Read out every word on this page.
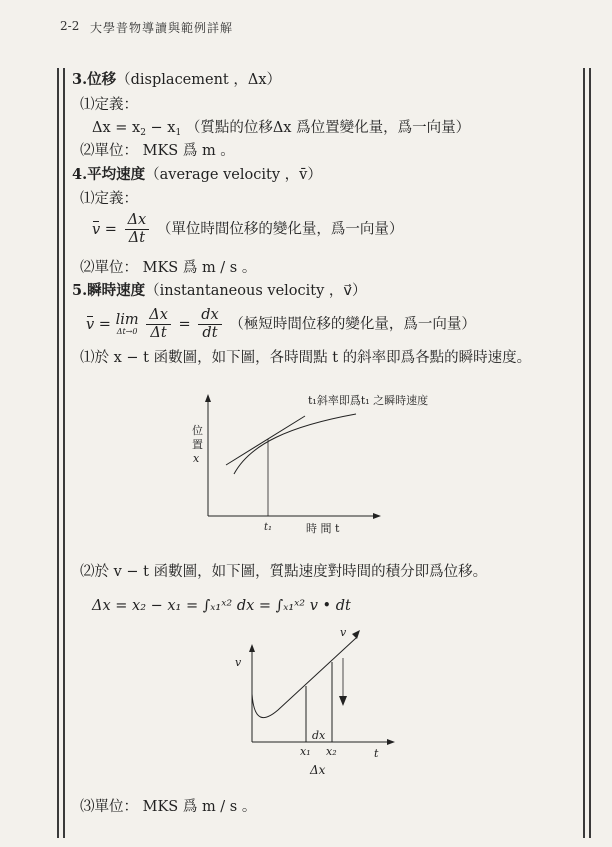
2-2 大學普物導讀與範例詳解
3.位移（displacement ，Δx）
⑴定義：
$\Delta x = x_2 - x_1$ （質點的位移Δx 爲位置變化量，爲一向量）
⑵單位： MKS 爲 m 。
4.平均速度（average velocity ，v̄）
⑴定義：
$v = \frac{\Delta x}{\Delta t}$ （單位時間位移的變化量，爲一向量）
⑵單位： MKS 爲 m / s 。
5.瞬時速度（instantaneous velocity ，v⃗）
v = lim
Δt→0
$\frac{\Delta x}{\Delta t} = \frac{dx}{dt}$ （極短時間位移的變化量，爲一向量）
⑴於 x − t 函數圖，如下圖，各時間點 t 的斜率即爲各點的瞬時速度。
t₁斜率即爲t₁ 之瞬時速度
位
置
x
t₁	時 間 t
⑵於 v − t 函數圖，如下圖，質點速度對時間的積分即爲位移。
Δx = x₂ − x₁ = ∫ₓ₁ˣ² dx = ∫ₓ₁ˣ² v • dt
v
v
dx
x₁ x₂	t
Δx
⑶單位： MKS 爲 m / s 。
